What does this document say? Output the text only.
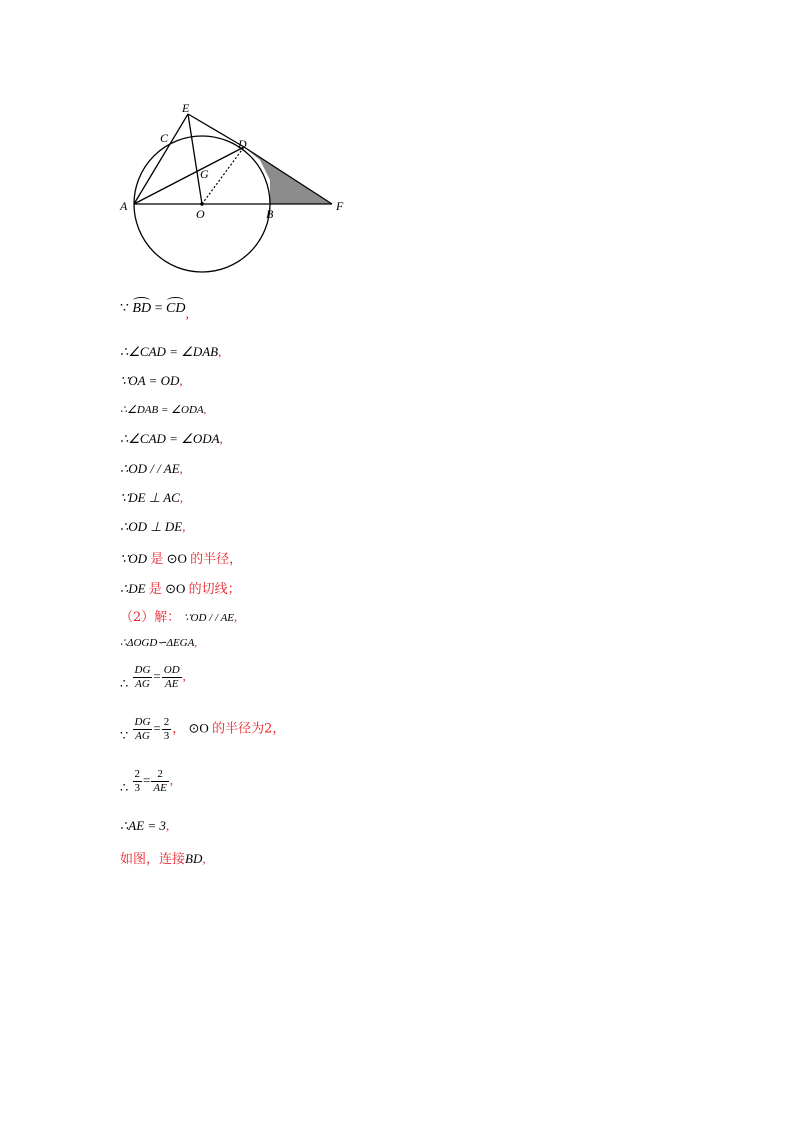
E
C	D
G
A
O	B
F
∵ BD = CD,
∴∠CAD = ∠DAB,
∵OA = OD,
∴∠DAB = ∠ODA,
∴∠CAD = ∠ODA,
∴OD / / AE,
∵DE ⊥ AC,
∴OD ⊥ DE,
∵OD 是 ⊙O 的半径，
∴DE 是 ⊙O 的切线；
（2）解： ∵OD / / AE,
∴ΔOGD∽ΔEGA,
∴ $\frac{DG}{AG} = \frac{OD}{AE}$ ,
∵ $\frac{DG}{AG} = \frac{2}{3}$ ， ⊙O 的半径为2，
∴ $\frac{2}{3} = \frac{2}{AE}$ ,
∴AE = 3,
如图，连接BD,
